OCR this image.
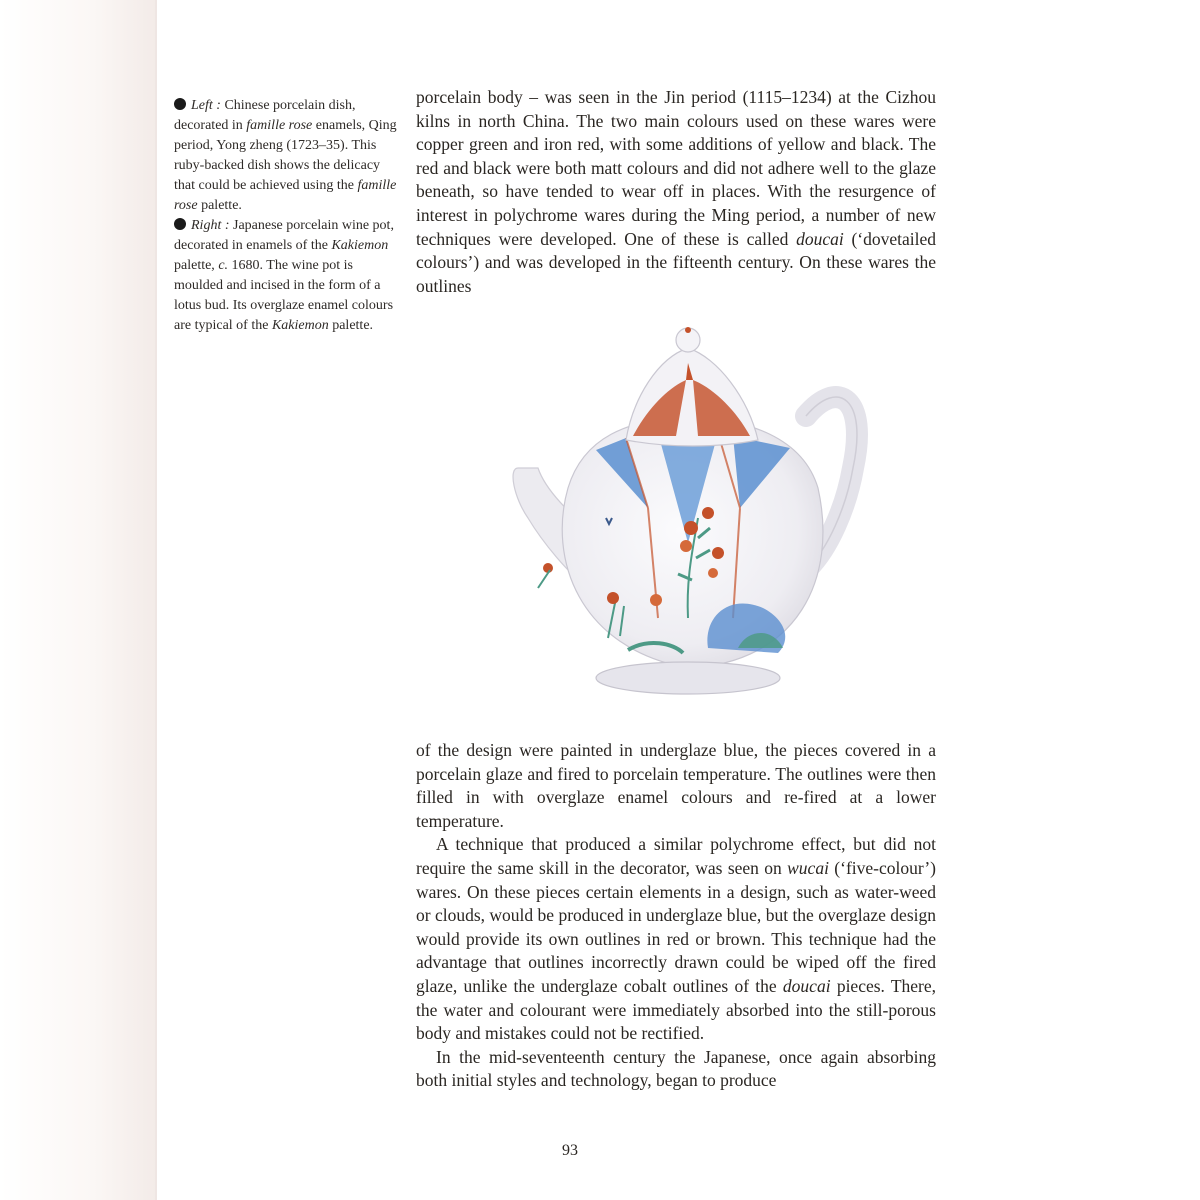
Left : Chinese porcelain dish, decorated in famille rose enamels, Qing period, Yong zheng (1723–35). This ruby-backed dish shows the delicacy that could be achieved using the famille rose palette.

Right : Japanese porcelain wine pot, decorated in enamels of the Kakiemon palette, c. 1680. The wine pot is moulded and incised in the form of a lotus bud. Its overglaze enamel colours are typical of the Kakiemon palette.

porcelain body – was seen in the Jin period (1115–1234) at the Cizhou kilns in north China. The two main colours used on these wares were copper green and iron red, with some additions of yellow and black. The red and black were both matt colours and did not adhere well to the glaze beneath, so have tended to wear off in places. With the resurgence of interest in polychrome wares during the Ming period, a number of new techniques were developed. One of these is called doucai (‘dovetailed colours’) and was developed in the fifteenth century. On these wares the outlines

of the design were painted in underglaze blue, the pieces covered in a porcelain glaze and fired to porcelain temperature. The outlines were then filled in with overglaze enamel colours and re-fired at a lower temperature.

A technique that produced a similar polychrome effect, but did not require the same skill in the decorator, was seen on wucai (‘five-colour’) wares. On these pieces certain elements in a design, such as water-weed or clouds, would be produced in underglaze blue, but the overglaze design would provide its own outlines in red or brown. This technique had the advantage that outlines incorrectly drawn could be wiped off the fired glaze, unlike the underglaze cobalt outlines of the doucai pieces. There, the water and colourant were immediately absorbed into the still-porous body and mistakes could not be rectified.

In the mid-seventeenth century the Japanese, once again absorbing both initial styles and technology, began to produce

93
